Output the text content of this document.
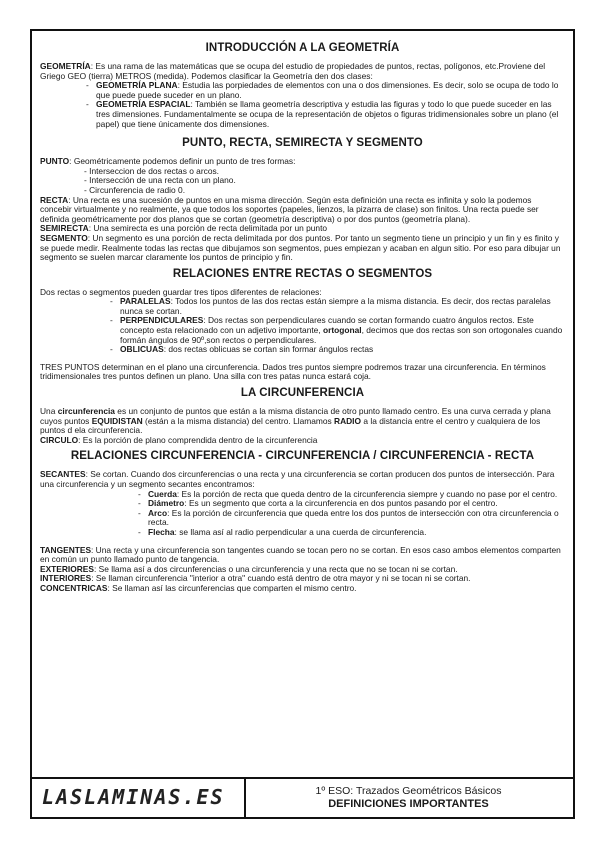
INTRODUCCIÓN A LA GEOMETRÍA

GEOMETRÍA: Es una rama de las matemáticas que se ocupa del estudio de propiedades de puntos, rectas, polígonos, etc.Proviene del Griego GEO (tierra) METROS (medida). Podemos clasificar la Geometría den dos clases:

- GEOMETRÍA PLANA: Estudia las porpiedades de elementos con una o dos dimensiones. Es decir, solo se ocupa de todo lo que puede puede suceder en un plano.

- GEOMETRÍA ESPACIAL: También se llama geometría descriptiva y estudia las figuras y todo lo que puede suceder en las tres dimensiones. Fundamentalmente se ocupa de la representación de objetos o figuras tridimensionales sobre un plano (el papel) que tiene únicamente dos dimensiones.

PUNTO, RECTA, SEMIRECTA Y SEGMENTO

PUNTO: Geométricamente podemos definir un punto de tres formas:

- Interseccion de dos rectas o arcos.

- Intersección de una recta con un plano.

- Circunferencia de radio 0.

RECTA: Una recta es una sucesión de puntos en una misma dirección. Según esta definición una recta es infinita y solo la podemos concebir virtualmente y no realmente, ya que todos los soportes (papeles, lienzos, la pizarra de clase) son finitos. Una recta puede ser definida geométricamente por dos planos que se cortan (geometría descriptiva) o por dos puntos (geometría plana).

SEMIRECTA: Una semirecta es una porción de recta delimitada por un punto

SEGMENTO: Un segmento es una porción de recta delimitada por dos puntos. Por tanto un segmento tiene un principio y un fin y es finito y se puede medir. Realmente todas las rectas que dibujamos son segmentos, pues empiezan y acaban en algun sitio. Por eso para dibujar un segmento se suelen marcar claramente los puntos de principio y fin.

RELACIONES ENTRE RECTAS O SEGMENTOS

Dos rectas o segmentos pueden guardar tres tipos diferentes de relaciones:

- PARALELAS: Todos los puntos de las dos rectas están siempre a la misma distancia. Es decir, dos rectas paralelas nunca se cortan.

- PERPENDICULARES: Dos rectas son perpendiculares cuando se cortan formando cuatro ángulos rectos. Este concepto esta relacionado con un adjetivo importante, ortogonal, decimos que dos rectas son son ortogonales cuando formán ángulos de 90º,son rectos o perpendiculares.

- OBLICUAS: dos rectas oblicuas se cortan sin formar ángulos rectas

TRES PUNTOS determinan en el plano una circunferencia. Dados tres puntos siempre podremos trazar una circunferencia. En términos tridimensionales tres puntos definen un plano. Una silla con tres patas nunca estará coja.

LA CIRCUNFERENCIA

Una circunferencia es un conjunto de puntos que están a la misma distancia de otro punto llamado centro. Es una curva cerrada y plana cuyos puntos EQUIDISTAN (están a la misma distancia) del centro. Llamamos RADIO a la distancia entre el centro y cualquiera de los puntos d ela circunferencia.

CIRCULO: Es la porción de plano comprendida dentro de la circunferencia

RELACIONES CIRCUNFERENCIA - CIRCUNFERENCIA / CIRCUNFERENCIA - RECTA

SECANTES: Se cortan. Cuando dos circunferencias o una recta y una circunferencia se cortan producen dos puntos de intersección. Para una circunferencia y un segmento secantes encontramos:

- Cuerda: Es la porción de recta que queda dentro de la circunferencia siempre y cuando no pase por el centro.

- Diámetro: Es un segmento que corta a la circunferencia en dos puntos pasando por el centro.

- Arco: Es la porción de circunferencia que queda entre los dos puntos de intersección con otra circunferencia o recta.

- Flecha: se llama así al radio perpendicular a una cuerda de circunferencia.

TANGENTES: Una recta y una circunferencia son tangentes cuando se tocan pero no se cortan. En esos caso ambos elementos comparten en común un punto llamado punto de tangencia.

EXTERIORES: Se llama así a dos circunferencias o una circunferencia y una recta que no se tocan ni se cortan.

INTERIORES: Se llaman circunferencia "interior a otra" cuando está dentro de otra mayor y ni se tocan ni se cortan.

CONCENTRICAS: Se llaman así las circunferencias que comparten el mismo centro.

LASLAMINAS.ES	1º ESO: Trazados Geométricos Básicos
DEFINICIONES IMPORTANTES
